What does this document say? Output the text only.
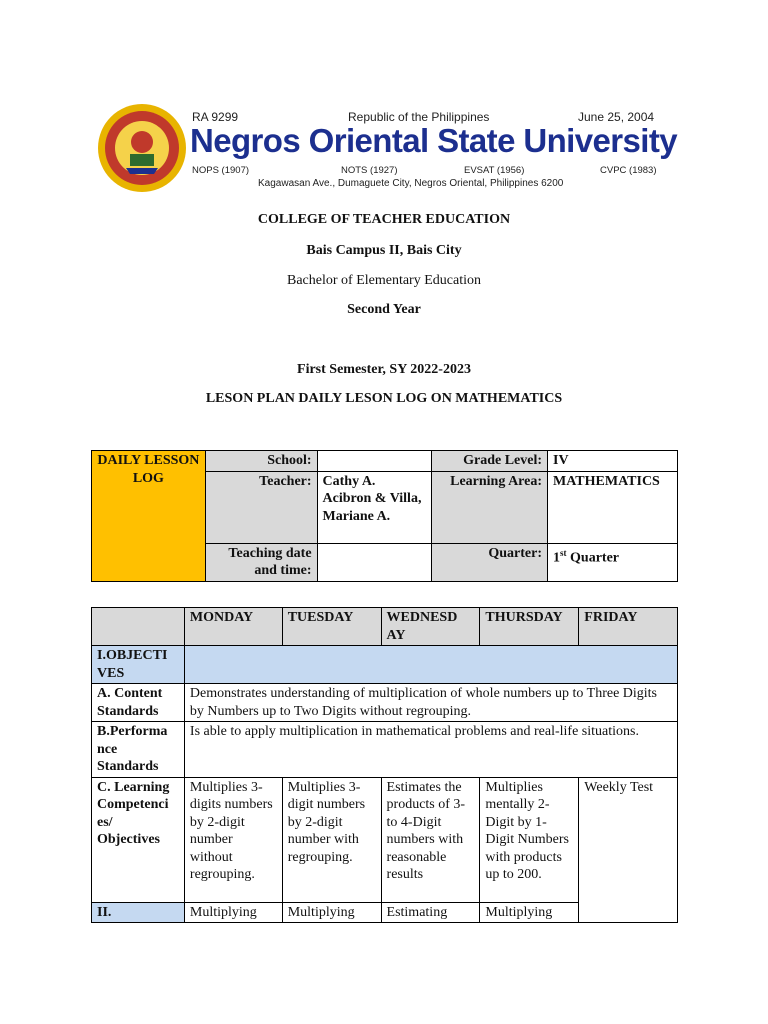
RA 9299	Republic of the Philippines	June 25, 2004
Negros Oriental State University
NOPS (1907)	NOTS (1927)	EVSAT (1956)	CVPC (1983)
Kagawasan Ave., Dumaguete City, Negros Oriental, Philippines 6200
COLLEGE OF TEACHER EDUCATION
Bais Campus II, Bais City
Bachelor of Elementary Education
Second Year
First Semester, SY 2022-2023
LESON PLAN DAILY LESON LOG ON MATHEMATICS
DAILY LESSON LOG	School:		Grade Level:	IV
	Teacher:	Cathy A. Acibron & Villa, Mariane A.	Learning Area:	MATHEMATICS
	Teaching date and time:		Quarter:	1st Quarter
	MONDAY	TUESDAY	WEDNESD AY	THURSDAY	FRIDAY
I.OBJECTI VES					
A. Content Standards	Demonstrates understanding of multiplication of whole numbers up to Three Digits by Numbers up to Two Digits without regrouping.				
B.Performa nce Standards	Is able to apply multiplication in mathematical problems and real-life situations.				
C. Learning Competenci es/ Objectives	Multiplies 3-digits numbers by 2-digit number without regrouping.	Multiplies 3-digit numbers by 2-digit number with regrouping.	Estimates the products of 3- to 4-Digit numbers with reasonable results	Multiplies mentally 2-Digit by 1-Digit Numbers with products up to 200.	Weekly Test
II.	Multiplying	Multiplying	Estimating	Multiplying	
